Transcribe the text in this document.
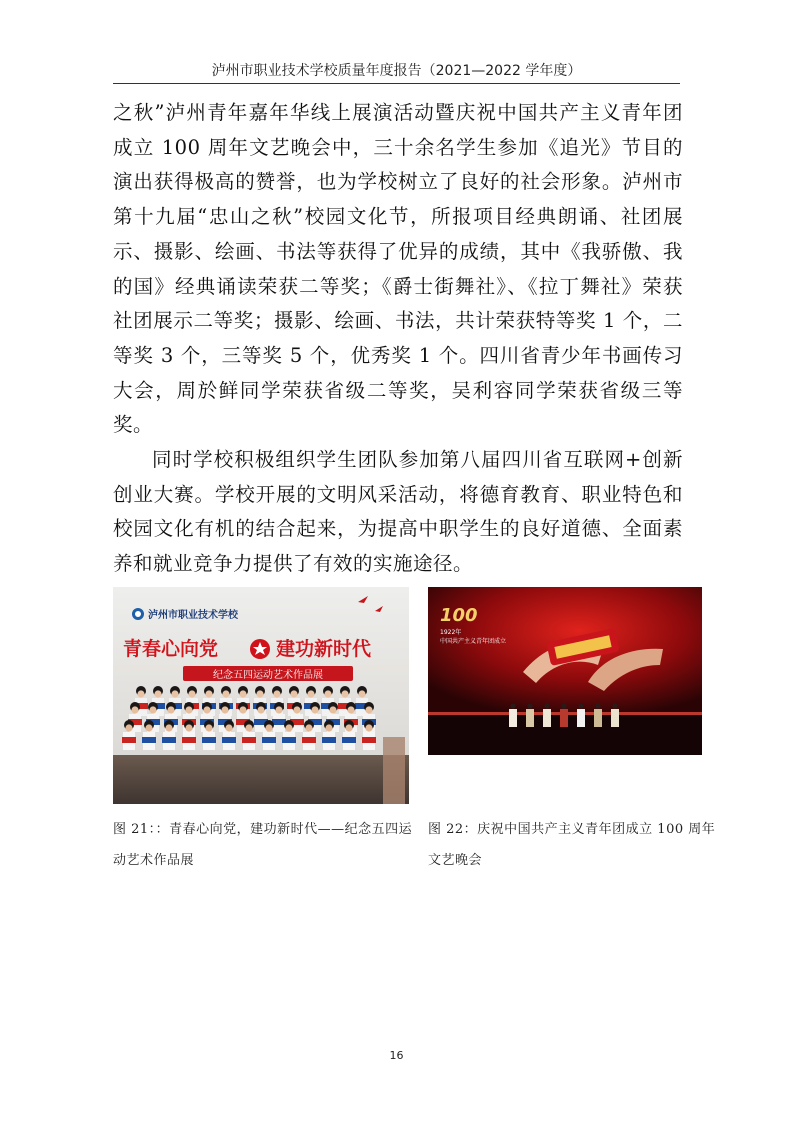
泸州市职业技术学校质量年度报告（2021—2022 学年度）

之秋”泸州青年嘉年华线上展演活动暨庆祝中国共产主义青年团成立 100 周年文艺晚会中，三十余名学生参加《追光》节目的演出获得极高的赞誉，也为学校树立了良好的社会形象。泸州市第十九届“忠山之秋”校园文化节，所报项目经典朗诵、社团展示、摄影、绘画、书法等获得了优异的成绩，其中《我骄傲、我的国》经典诵读荣获二等奖；《爵士街舞社》、《拉丁舞社》荣获社团展示二等奖；摄影、绘画、书法，共计荣获特等奖 1 个，二等奖 3 个，三等奖 5 个，优秀奖 1 个。四川省青少年书画传习大会，周於鲜同学荣获省级二等奖，吴利容同学荣获省级三等奖。

同时学校积极组织学生团队参加第八届四川省互联网+创新创业大赛。学校开展的文明风采活动，将德育教育、职业特色和校园文化有机的结合起来，为提高中职学生的良好道德、全面素养和就业竞争力提供了有效的实施途径。

泸州市职业技术学校
青春心向党	建功新时代
纪念五四运动艺术作品展
100
1922年
中国共产主义青年团成立
图 21：：青春心向党，建功新时代——纪念五四运动艺术作品展
图 22：庆祝中国共产主义青年团成立 100 周年文艺晚会
16
